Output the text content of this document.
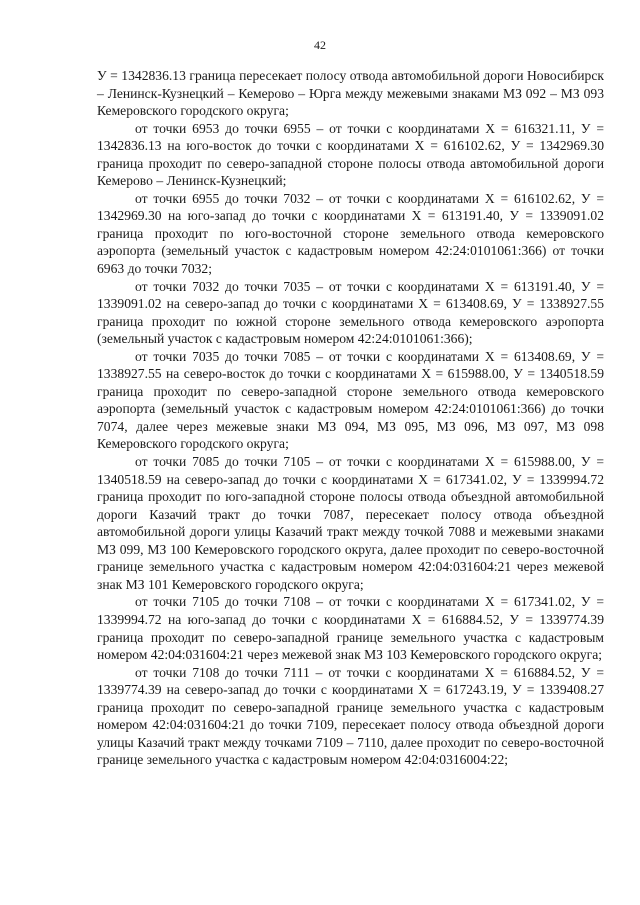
42

У = 1342836.13 граница пересекает полосу отвода автомобильной дороги Новосибирск – Ленинск-Кузнецкий – Кемерово – Юрга между межевыми знаками МЗ 092 – МЗ 093 Кемеровского городского округа;

от точки 6953 до точки 6955 – от точки с координатами Х = 616321.11, У = 1342836.13 на юго-восток до точки с координатами Х = 616102.62, У = 1342969.30 граница проходит по северо-западной стороне полосы отвода автомобильной дороги Кемерово – Ленинск-Кузнецкий;

от точки 6955 до точки 7032 – от точки с координатами Х = 616102.62, У = 1342969.30 на юго-запад до точки с координатами Х = 613191.40, У = 1339091.02 граница проходит по юго-восточной стороне земельного отвода кемеровского аэропорта (земельный участок с кадастровым номером 42:24:0101061:366) от точки 6963 до точки 7032;

от точки 7032 до точки 7035 – от точки с координатами Х = 613191.40, У = 1339091.02 на северо-запад до точки с координатами Х = 613408.69, У = 1338927.55 граница проходит по южной стороне земельного отвода кемеровского аэропорта (земельный участок с кадастровым номером 42:24:0101061:366);

от точки 7035 до точки 7085 – от точки с координатами Х = 613408.69, У = 1338927.55 на северо-восток до точки с координатами Х = 615988.00, У = 1340518.59 граница проходит по северо-западной стороне земельного отвода кемеровского аэропорта (земельный участок с кадастровым номером 42:24:0101061:366) до точки 7074, далее через межевые знаки МЗ 094, МЗ 095, МЗ 096, МЗ 097, МЗ 098 Кемеровского городского округа;

от точки 7085 до точки 7105 – от точки с координатами Х = 615988.00, У = 1340518.59 на северо-запад до точки с координатами Х = 617341.02, У = 1339994.72 граница проходит по юго-западной стороне полосы отвода объездной автомобильной дороги Казачий тракт до точки 7087, пересекает полосу отвода объездной автомобильной дороги улицы Казачий тракт между точкой 7088 и межевыми знаками МЗ 099, МЗ 100 Кемеровского городского округа, далее проходит по северо-восточной границе земельного участка с кадастровым номером 42:04:031604:21 через межевой знак МЗ 101 Кемеровского городского округа;

от точки 7105 до точки 7108 – от точки с координатами Х = 617341.02, У = 1339994.72 на юго-запад до точки с координатами Х = 616884.52, У = 1339774.39 граница проходит по северо-западной границе земельного участка с кадастровым номером 42:04:031604:21 через межевой знак МЗ 103 Кемеровского городского округа;

от точки 7108 до точки 7111 – от точки с координатами Х = 616884.52, У = 1339774.39 на северо-запад до точки с координатами Х = 617243.19, У = 1339408.27 граница проходит по северо-западной границе земельного участка с кадастровым номером 42:04:031604:21 до точки 7109, пересекает полосу отвода объездной дороги улицы Казачий тракт между точками 7109 – 7110, далее проходит по северо-восточной границе земельного участка с кадастровым номером 42:04:0316004:22;
